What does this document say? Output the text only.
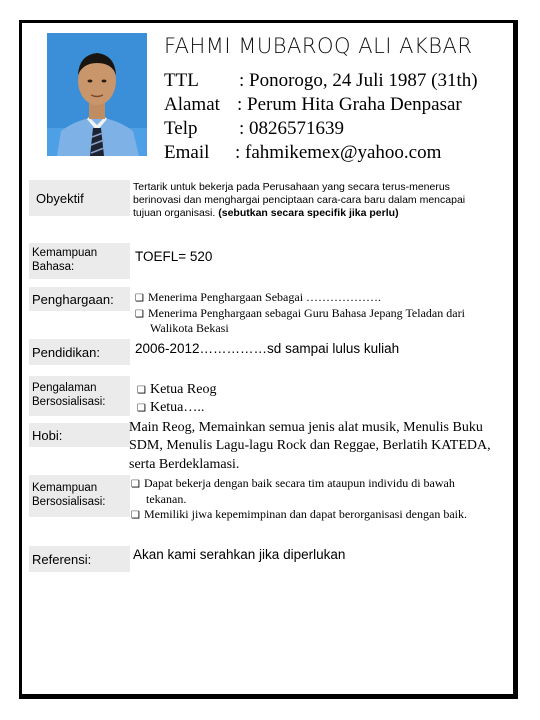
FAHMI MUBAROQ ALI AKBAR
TTL : Ponorogo, 24 Juli 1987 (31th)
Alamat : Perum Hita Graha Denpasar
Telp : 0826571639
Email : fahmikemex@yahoo.com
Obyektif
Tertarik untuk bekerja pada Perusahaan yang secara terus-menerus berinovasi dan menghargai penciptaan cara-cara baru dalam mencapai tujuan organisasi. (sebutkan secara specifik jika perlu)
Kemampuan Bahasa:
TOEFL= 520
Penghargaan: ❑ Menerima Penghargaan Sebagai ……………….
❑ Menerima Penghargaan sebagai Guru Bahasa Jepang Teladan dari Walikota Bekasi
Pendidikan:	2006-2012……………sd sampai lulus kuliah
Pengalaman Bersosialisasi:
❑ Ketua Reog
❑ Ketua…..
Hobi:	Main Reog, Memainkan semua jenis alat musik, Menulis Buku SDM, Menulis Lagu-lagu Rock dan Reggae, Berlatih KATEDA, serta Berdeklamasi.
Kemampuan Bersosialisasi:
❑ Dapat bekerja dengan baik secara tim ataupun individu di bawah tekanan.
❑ Memiliki jiwa kepemimpinan dan dapat berorganisasi dengan baik.
Referensi:	Akan kami serahkan jika diperlukan
